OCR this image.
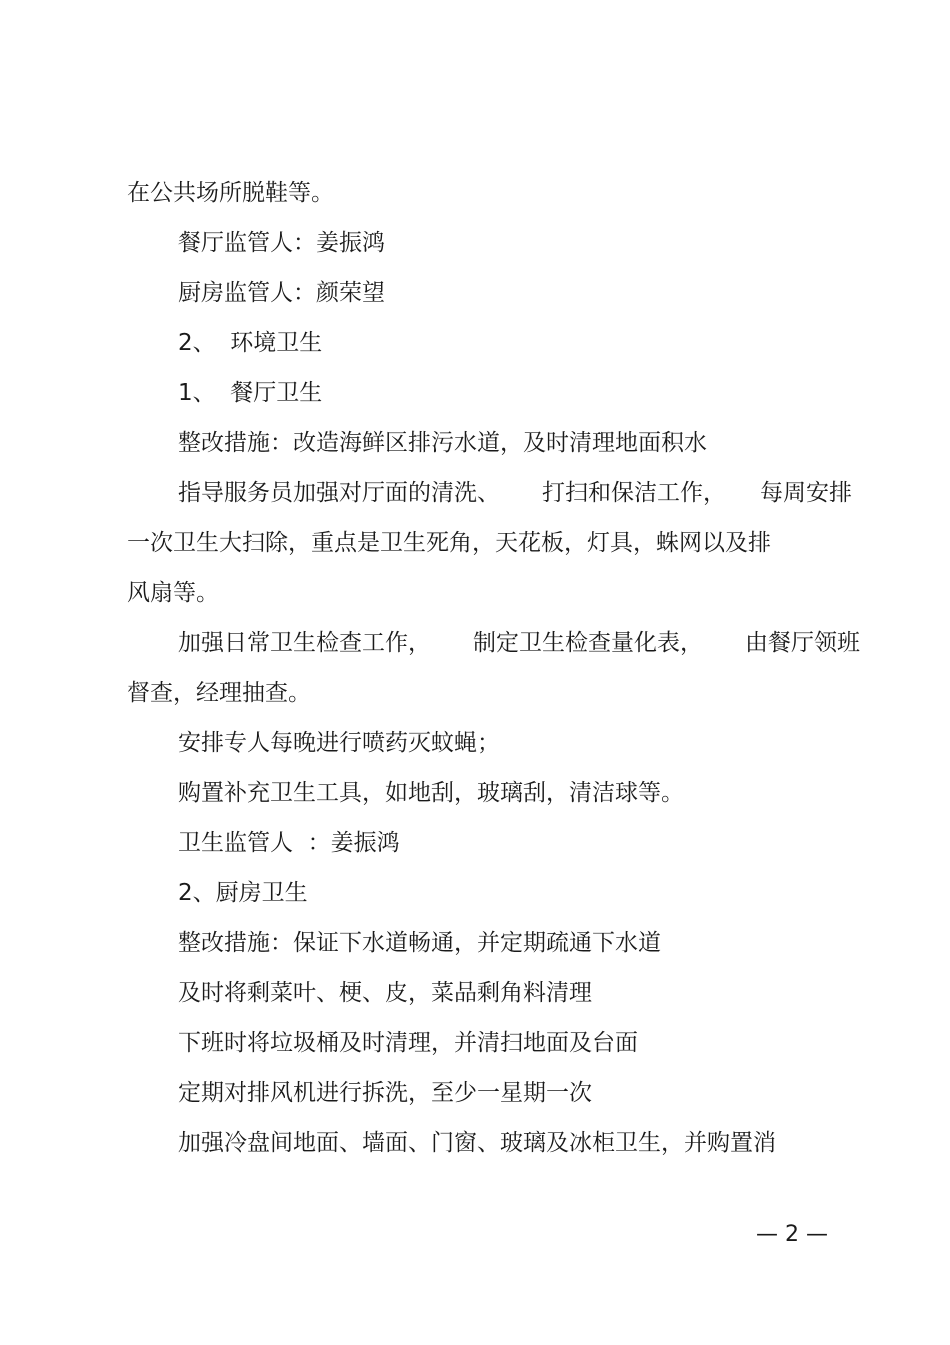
在公共场所脱鞋等。
餐厅监管人：姜振鸿
厨房监管人：颜荣望
2、  环境卫生
1、  餐厅卫生
整改措施：改造海鲜区排污水道，及时清理地面积水
指导服务员加强对厅面的清洗、 打扫和保洁工作， 每周安排
一次卫生大扫除，重点是卫生死角，天花板，灯具，蛛网以及排
风扇等。
加强日常卫生检查工作， 制定卫生检查量化表， 由餐厅领班
督查，经理抽查。
安排专人每晚进行喷药灭蚊蝇；
购置补充卫生工具，如地刮，玻璃刮，清洁球等。
卫生监管人  ：姜振鸿
2、厨房卫生
整改措施：保证下水道畅通，并定期疏通下水道
及时将剩菜叶、梗、皮，菜品剩角料清理
下班时将垃圾桶及时清理，并清扫地面及台面
定期对排风机进行拆洗，至少一星期一次
加强冷盘间地面、墙面、门窗、玻璃及冰柜卫生，并购置消
— 2 —
